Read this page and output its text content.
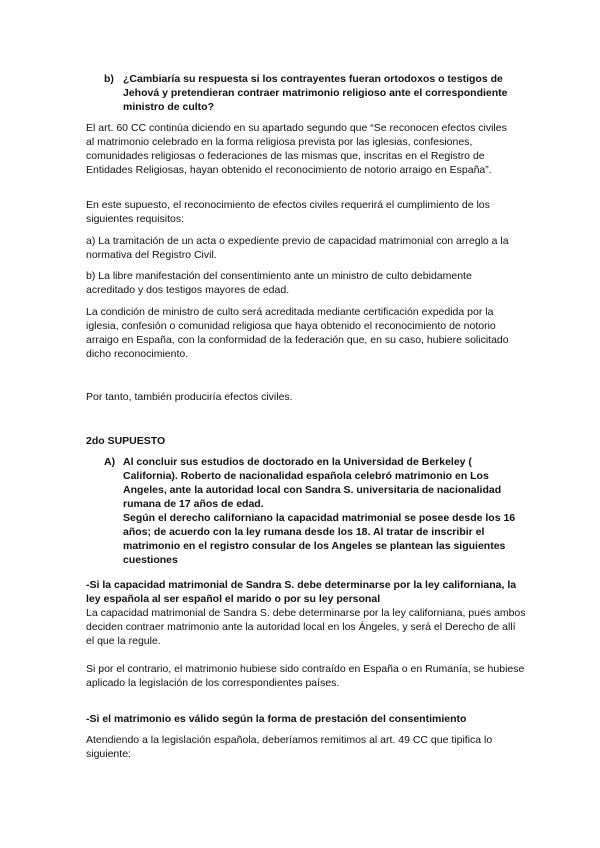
b) ¿Cambiaría su respuesta si los contrayentes fueran ortodoxos o testigos de Jehová y pretendieran contraer matrimonio religioso ante el correspondiente ministro de culto?

El art. 60 CC continúa diciendo en su apartado segundo que “Se reconocen efectos civiles al matrimonio celebrado en la forma religiosa prevista por las iglesias, confesiones, comunidades religiosas o federaciones de las mismas que, inscritas en el Registro de Entidades Religiosas, hayan obtenido el reconocimiento de notorio arraigo en España”.

En este supuesto, el reconocimiento de efectos civiles requerirá el cumplimiento de los siguientes requisitos:

a) La tramitación de un acta o expediente previo de capacidad matrimonial con arreglo a la normativa del Registro Civil.

b) La libre manifestación del consentimiento ante un ministro de culto debidamente acreditado y dos testigos mayores de edad.

La condición de ministro de culto será acreditada mediante certificación expedida por la iglesia, confesión o comunidad religiosa que haya obtenido el reconocimiento de notorio arraigo en España, con la conformidad de la federación que, en su caso, hubiere solicitado dicho reconocimiento.

Por tanto, también produciría efectos civiles.

2do SUPUESTO

A) Al concluir sus estudios de doctorado en la Universidad de Berkeley ( California). Roberto de nacionalidad española celebró matrimonio en Los Angeles, ante la autoridad local con Sandra S. universitaria de nacionalidad rumana de 17 años de edad.
Según el derecho californiano la capacidad matrimonial se posee desde los 16 años; de acuerdo con la ley rumana desde los 18. Al tratar de inscribir el matrimonio en el registro consular de los Angeles se plantean las siguientes cuestiones

-Si la capacidad matrimonial de Sandra S. debe determinarse por la ley californiana, la ley española al ser español el marido o por su ley personal

La capacidad matrimonial de Sandra S. debe determinarse por la ley californiana, pues ambos deciden contraer matrimonio ante la autoridad local en los Ángeles, y será el Derecho de allí el que la regule.

Si por el contrario, el matrimonio hubiese sido contraído en España o en Rumanía, se hubiese aplicado la legislación de los correspondientes países.

-Si el matrimonio es válido según la forma de prestación del consentimiento

Atendiendo a la legislación española, deberíamos remitimos al art. 49 CC que tipifica lo siguiente:
